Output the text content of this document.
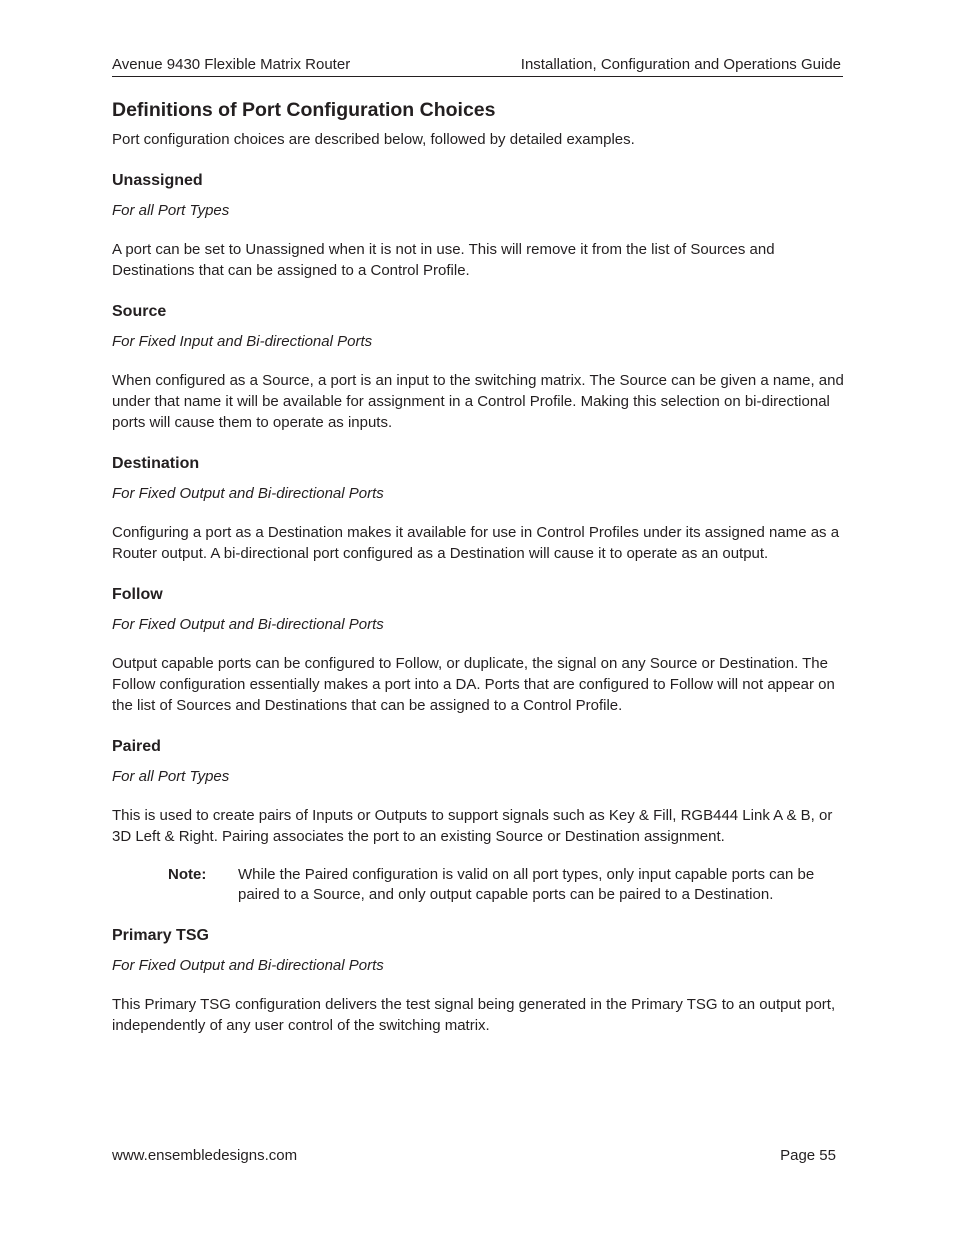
Avenue 9430 Flexible Matrix Router	Installation, Configuration and Operations Guide
Definitions of Port Configuration Choices

Port configuration choices are described below, followed by detailed examples.

Unassigned

For all Port Types

A port can be set to Unassigned when it is not in use. This will remove it from the list of Sources and Destinations that can be assigned to a Control Profile.

Source

For Fixed Input and Bi-directional Ports

When configured as a Source, a port is an input to the switching matrix. The Source can be given a name, and under that name it will be available for assignment in a Control Profile. Making this selection on bi-directional ports will cause them to operate as inputs.

Destination

For Fixed Output and Bi-directional Ports

Configuring a port as a Destination makes it available for use in Control Profiles under its assigned name as a Router output. A bi-directional port configured as a Destination will cause it to operate as an output.

Follow

For Fixed Output and Bi-directional Ports

Output capable ports can be configured to Follow, or duplicate, the signal on any Source or Destination. The Follow configuration essentially makes a port into a DA. Ports that are configured to Follow will not appear on the list of Sources and Destinations that can be assigned to a Control Profile.

Paired

For all Port Types

This is used to create pairs of Inputs or Outputs to support signals such as Key & Fill, RGB444 Link A & B, or 3D Left & Right. Pairing associates the port to an existing Source or Destination assignment.

Note: While the Paired configuration is valid on all port types, only input capable ports can be paired to a Source, and only output capable ports can be paired to a Destination.
Primary TSG

For Fixed Output and Bi-directional Ports

This Primary TSG configuration delivers the test signal being generated in the Primary TSG to an output port, independently of any user control of the switching matrix.

www.ensembledesigns.com	Page 55
